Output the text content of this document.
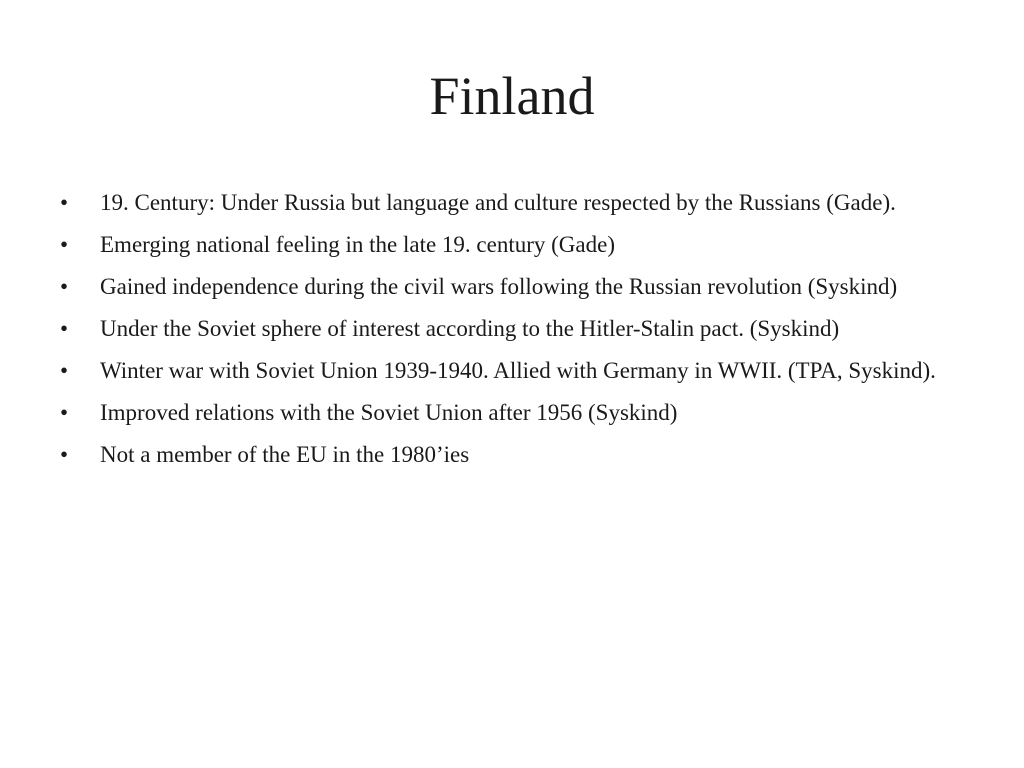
Finland
•	19. Century: Under Russia but language and culture respected by the Russians (Gade).
•	Emerging national feeling in the late 19. century (Gade)
•	Gained independence during the civil wars following the Russian revolution (Syskind)
•	Under the Soviet sphere of interest according to the Hitler-Stalin pact. (Syskind)
•	Winter war with Soviet Union 1939-1940. Allied with Germany in WWII. (TPA, Syskind).
•	Improved relations with the Soviet Union after 1956 (Syskind)
•	Not a member of the EU in the 1980’ies
